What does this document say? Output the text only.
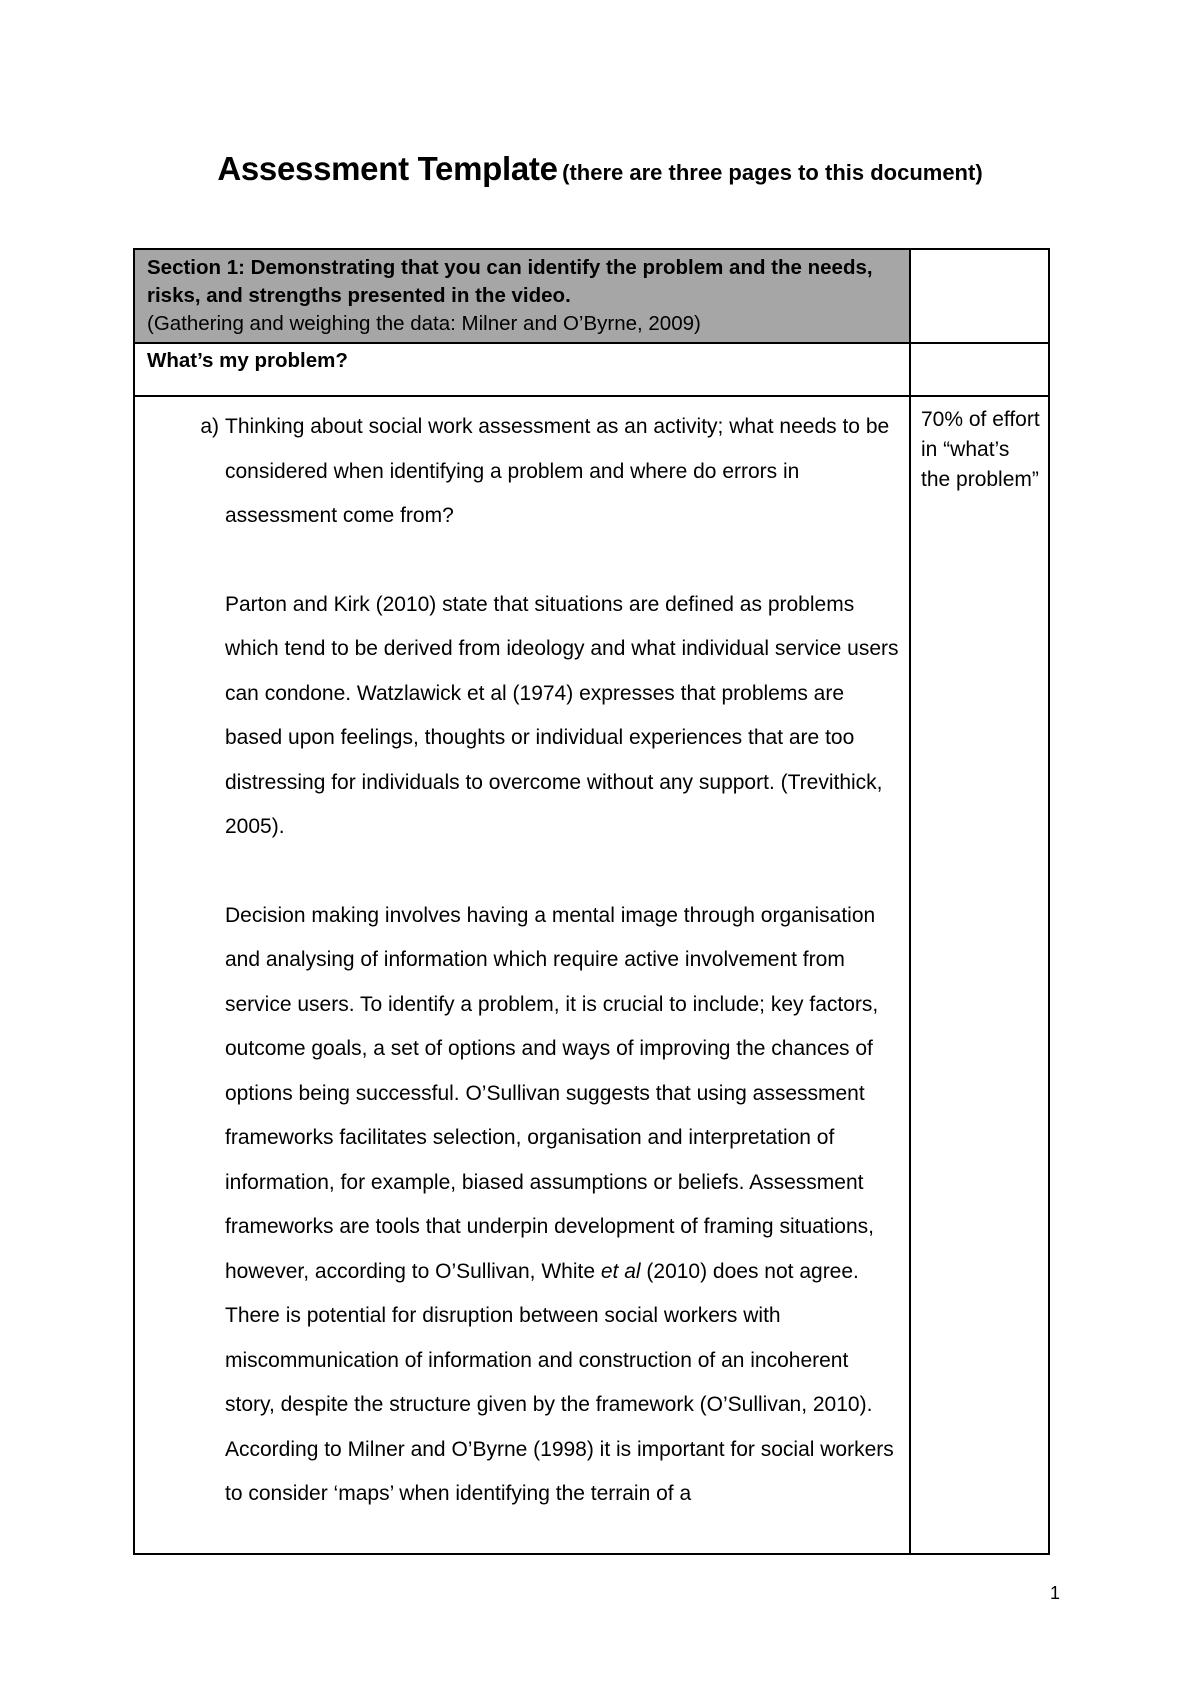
Assessment Template (there are three pages to this document)
Section 1: Demonstrating that you can identify the problem and the needs, risks, and strengths presented in the video.
(Gathering and weighing the data: Milner and O’Byrne, 2009)	

What’s my problem?	

a) Thinking about social work assessment as an activity; what needs to be considered when identifying a problem and where do errors in assessment come from?
Parton and Kirk (2010) state that situations are defined as problems which tend to be derived from ideology and what individual service users can condone. Watzlawick et al (1974) expresses that problems are based upon feelings, thoughts or individual experiences that are too distressing for individuals to overcome without any support. (Trevithick, 2005).
Decision making involves having a mental image through organisation and analysing of information which require active involvement from service users. To identify a problem, it is crucial to include; key factors, outcome goals, a set of options and ways of improving the chances of options being successful. O’Sullivan suggests that using assessment frameworks facilitates selection, organisation and interpretation of information, for example, biased assumptions or beliefs. Assessment frameworks are tools that underpin development of framing situations, however, according to O’Sullivan, White et al (2010) does not agree. There is potential for disruption between social workers with miscommunication of information and construction of an incoherent story, despite the structure given by the framework (O’Sullivan, 2010).
According to Milner and O’Byrne (1998) it is important for social workers to consider ‘maps’ when identifying the terrain of a	70% of effort in “what’s the problem”
1
